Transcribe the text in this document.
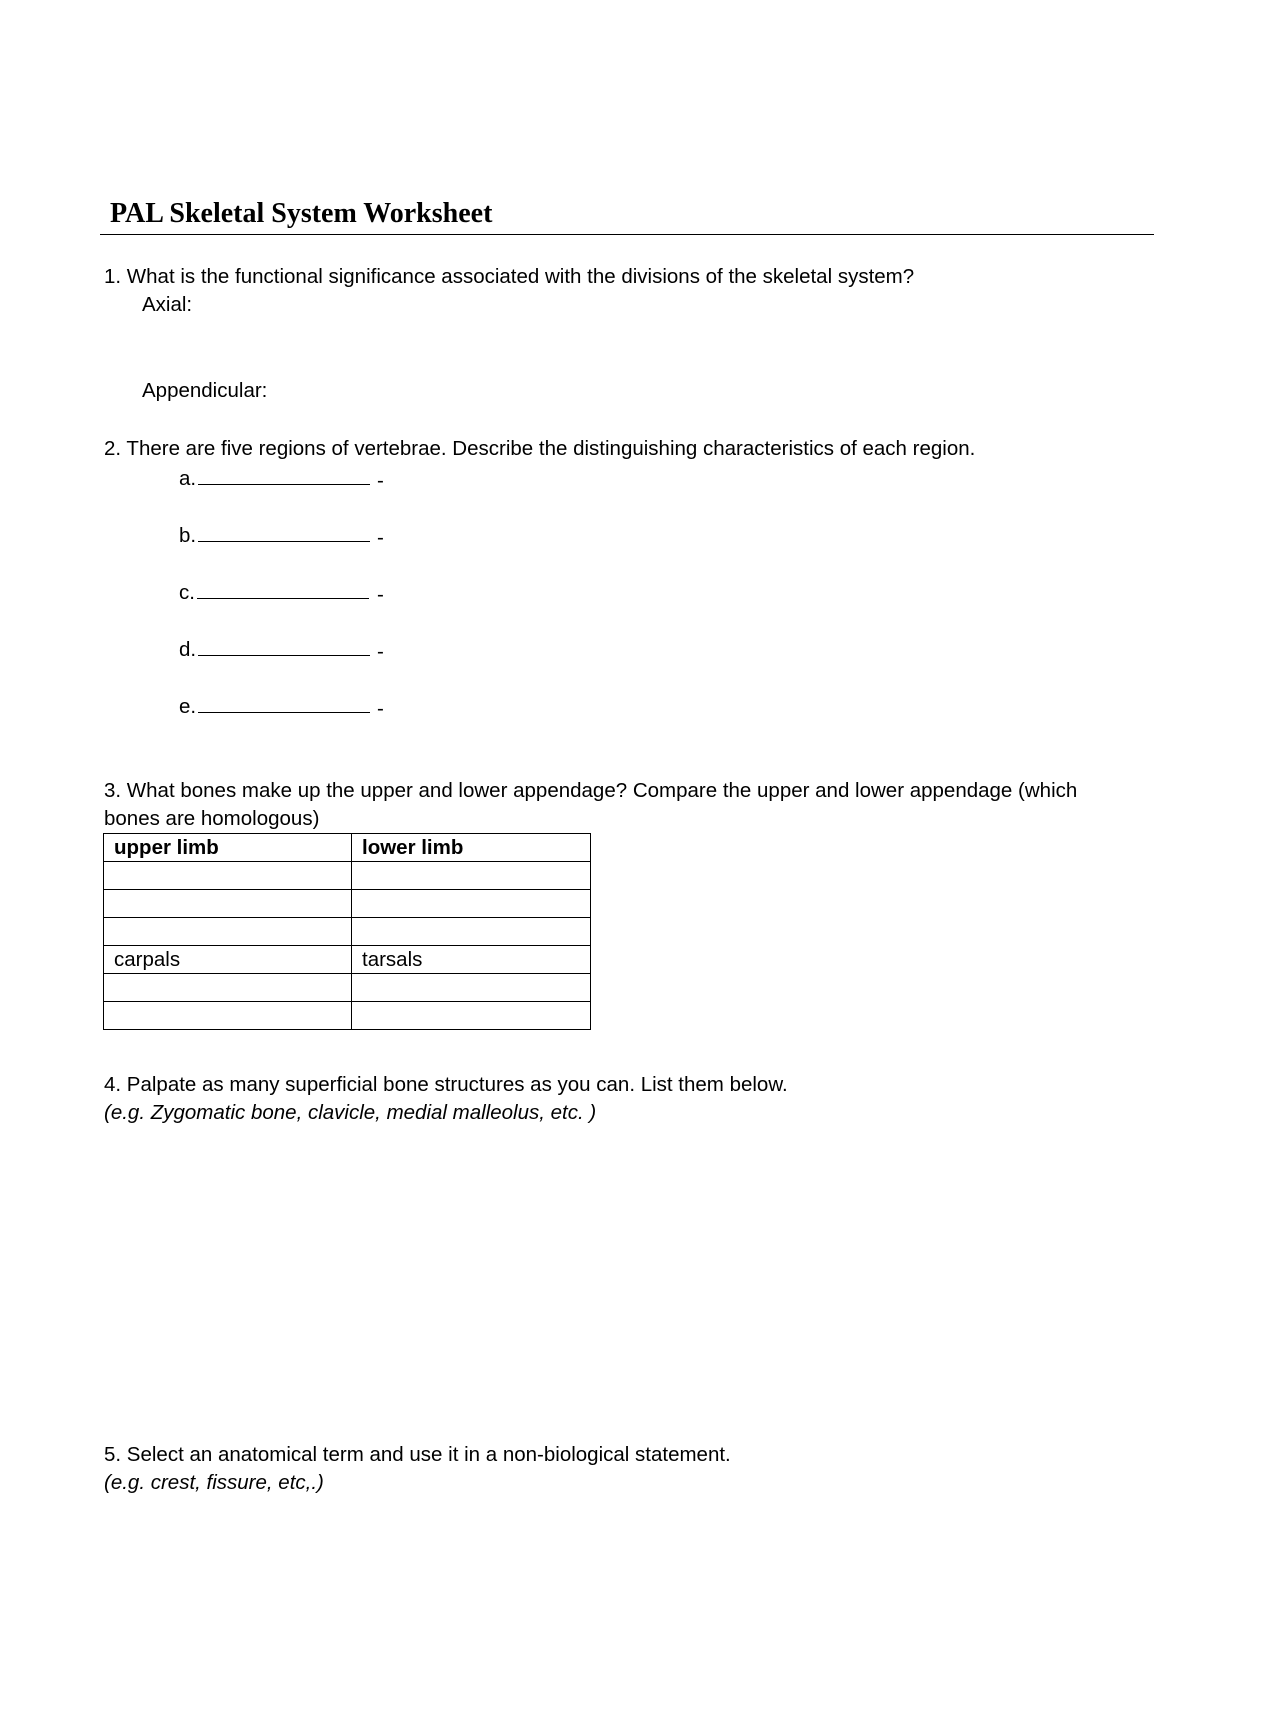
PAL Skeletal System Worksheet
1. What is the functional significance associated with the divisions of the skeletal system?
Axial:
Appendicular:
2. There are five regions of vertebrae. Describe the distinguishing characteristics of each region.
a.	-
b.	-
c.	-
d.	-
e.	-
3. What bones make up the upper and lower appendage? Compare the upper and lower appendage (which
bones are homologous)
upper limb	lower limb

carpals	tarsals

4. Palpate as many superficial bone structures as you can. List them below.
(e.g. Zygomatic bone, clavicle, medial malleolus, etc. )
5. Select an anatomical term and use it in a non-biological statement.
(e.g. crest, fissure, etc,.)
